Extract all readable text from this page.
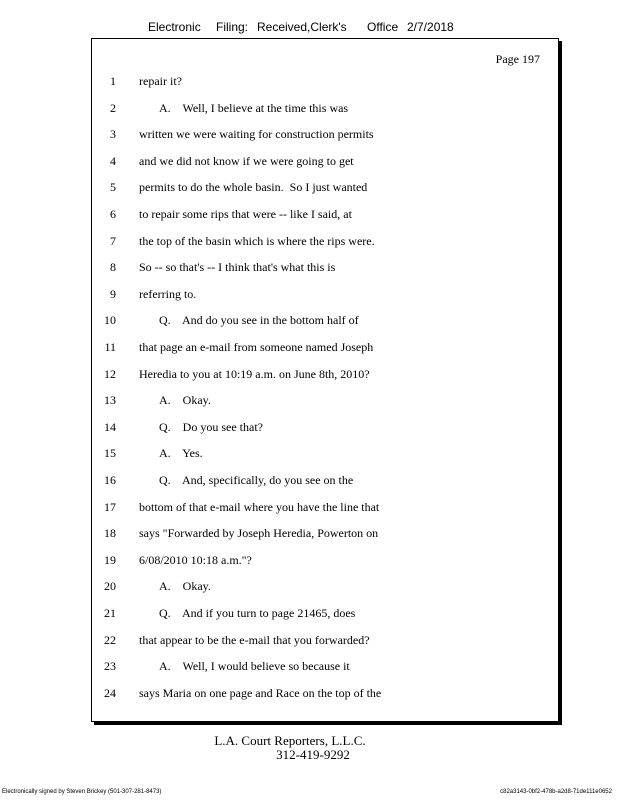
Electronic Filing: Received,Clerk's Office 2/7/2018
Page 197
1 repair it?
2	A.    Well, I believe at the time this was
3 written we were waiting for construction permits
4 and we did not know if we were going to get
5 permits to do the whole basin.  So I just wanted
6 to repair some rips that were -- like I said, at
7 the top of the basin which is where the rips were.
8 So -- so that's -- I think that's what this is
9 referring to.
10	Q.    And do you see in the bottom half of
11 that page an e-mail from someone named Joseph
12 Heredia to you at 10:19 a.m. on June 8th, 2010?
13	A.    Okay.
14	Q.    Do you see that?
15	A.    Yes.
16	Q.    And, specifically, do you see on the
17 bottom of that e-mail where you have the line that
18 says "Forwarded by Joseph Heredia, Powerton on
19 6/08/2010 10:18 a.m."?
20	A.    Okay.
21	Q.    And if you turn to page 21465, does
22 that appear to be the e-mail that you forwarded?
23	A.    Well, I would believe so because it
24 says Maria on one page and Race on the top of the
L.A. Court Reporters, L.L.C.
312-419-9292
Electronically signed by Steven Brickey (501-307-281-8473)	c82a3143-0bf2-478b-a2d8-71de111e0652
